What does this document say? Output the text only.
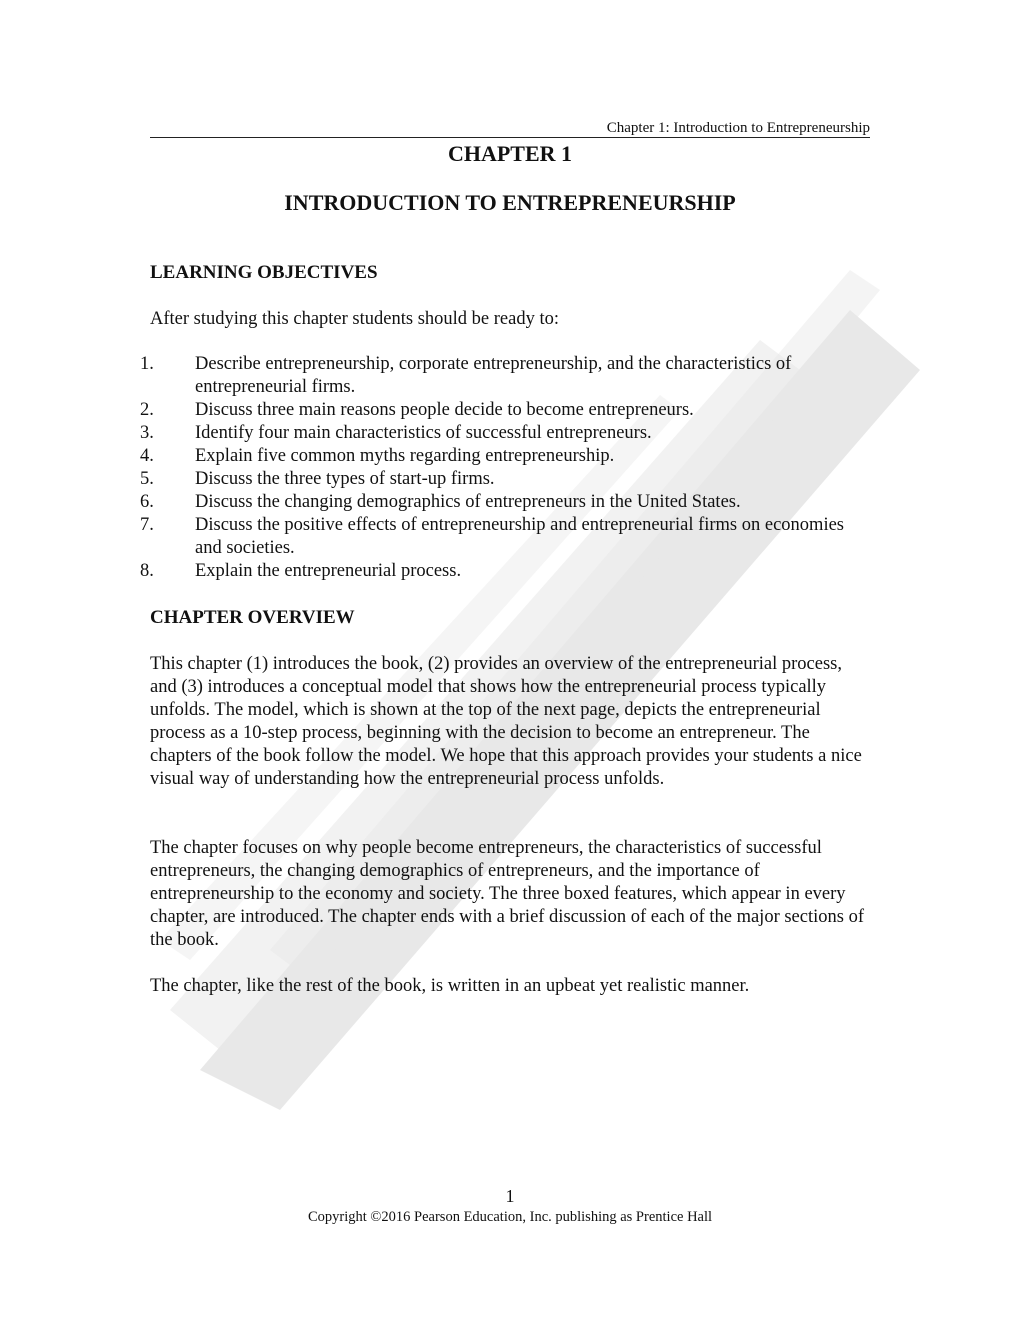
Chapter 1: Introduction to Entrepreneurship
CHAPTER 1
INTRODUCTION TO ENTREPRENEURSHIP
LEARNING OBJECTIVES

After studying this chapter students should be ready to:

1. Describe entrepreneurship, corporate entrepreneurship, and the characteristics of entrepreneurial firms.
2. Discuss three main reasons people decide to become entrepreneurs.
3. Identify four main characteristics of successful entrepreneurs.
4. Explain five common myths regarding entrepreneurship.
5. Discuss the three types of start-up firms.
6. Discuss the changing demographics of entrepreneurs in the United States.
7. Discuss the positive effects of entrepreneurship and entrepreneurial firms on economies and societies.
8. Explain the entrepreneurial process.
CHAPTER OVERVIEW

This chapter (1) introduces the book, (2) provides an overview of the entrepreneurial process, and (3) introduces a conceptual model that shows how the entrepreneurial process typically unfolds. The model, which is shown at the top of the next page, depicts the entrepreneurial process as a 10-step process, beginning with the decision to become an entrepreneur. The chapters of the book follow the model. We hope that this approach provides your students a nice visual way of understanding how the entrepreneurial process unfolds.

The chapter focuses on why people become entrepreneurs, the characteristics of successful entrepreneurs, the changing demographics of entrepreneurs, and the importance of entrepreneurship to the economy and society. The three boxed features, which appear in every chapter, are introduced. The chapter ends with a brief discussion of each of the major sections of the book.

The chapter, like the rest of the book, is written in an upbeat yet realistic manner.

1
Copyright ©2016 Pearson Education, Inc. publishing as Prentice Hall
